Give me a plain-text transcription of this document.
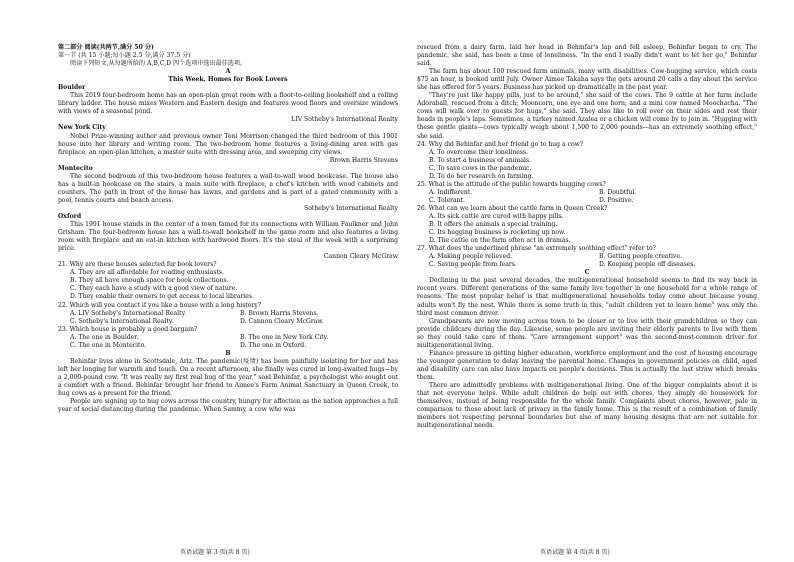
第二部分 阅读(共两节,满分 50 分)

第一节 (共 15 小题;每小题 2.5 分,满分 37.5 分)

阅读下列短文,从每题所给的 A,B,C,D 四个选项中选出最佳选项。

A

This Week, Homes for Book Lovers

Boulder

This 2019 four-bedroom home has an open-plan great room with a floor-to-ceiling bookshelf and a rolling library ladder. The house mixes Western and Eastern design and features wood floors and oversize windows with views of a seasonal pond.

LIV Sotheby's International Realty

New York City

Nobel Prize-winning author and previous owner Toni Morrison changed the third bedroom of this 1901 house into her library and writing room. The two-bedroom home features a living-dining area with gas fireplace, an open-plan kitchen, a master suite with dressing area, and sweeping city views.

Brown Harris Stevens

Montecito

The second bedroom of this two-bedroom house features a wall-to-wall wood bookcase. The house also has a built-in bookcase on the stairs, a main suite with fireplace, a chef's kitchen with wood cabinets and counters. The path in front of the house has lawns, and gardens and is part of a gated community with a pool, tennis courts and beach access.

Sotheby's International Realty

Oxford

This 1991 house stands in the center of a town famed for its connections with William Faulkner and John Grisham. The four-bedroom house has a wall-to-wall bookshelf in the game room and also features a living room with fireplace and an eat-in kitchen with hardwood floors. It's the steal of the week with a surprising price.

Cannon Cleary McGraw

21. Why are these houses selected for book lovers?

A. They are all affordable for reading enthusiasts.

B. They all have enough space for book collections.

C. They each have a study with a good view of nature.

D. They enable their owners to get access to local libraries.

22. Which will you contact if you like a house with a long history?

A. LIV Sotheby's International Realty.	B. Brown Harris Stevens.
C. Sotheby's International Realty.	D. Cannon Cleary McGraw.

23. Which house is probably a good bargain?

A. The one in Boulder.	B. The one in New York City.
C. The one in Montecito.	D. The one in Oxford.

B

Behinfar lives alone in Scottsdale, Ariz. The pandemic(疫情) has been painfully isolating for her and has left her longing for warmth and touch. On a recent afternoon, she finally was cured in long-awaited hugs—by a 2,000-pound cow. "It was really my first real hug of the year," said Behinfar, a psychologist who sought out a comfort with a friend. Behinfar brought her friend to Aimee's Farm Animal Sanctuary in Queen Creek, to hug cows as a present for the friend.

People are signing up to hug cows across the country, hungry for affection as the nation approaches a full year of social distancing during the pandemic. When Sammy, a cow who was

rescued from a dairy farm, laid her head in Behinfar's lap and fell asleep, Behinfar began to cry. The pandemic, she said, has been a time of loneliness. "In the end I really didn't want to let her go," Behinfar said.

The farm has about 100 rescued farm animals, many with disabilities. Cow-hugging service, which costs $75 an hour, is booked until July. Owner Aimee Takaha says the gets around 20 calls a day about the service she has offered for 5 years. Business has picked up dramatically in the past year.

"They're just like happy pills, just to be around," she said of the cows. The 9 cattle at her farm include Adoraball, rescued from a ditch; Mooncorn, one eye and one horn; and a mini cow named Moochacha. "The cows will walk over to guests for hugs," she said. They also like to roll over on their sides and rest their heads in people's laps. Sometimes, a turkey named Azalea or a chicken will come by to join in. "Hugging with these gentle giants—cows typically weigh about 1,500 to 2,000 pounds—has an extremely soothing effect," she said.

24. Why did Behinfar and her friend go to hug a cow?

A. To overcome their loneliness.

B. To start a business of animals.

C. To save cows in the pandemic.

D. To do her research on farming.

25. What is the attitude of the public towards hugging cows?

A. Indifferent.	B. Doubtful.
C. Tolerant.	D. Positive.

26. What can we learn about the cattle farm in Queen Creek?

A. Its sick cattle are cured with happy pills.

B. It offers the animals a special training.

C. Its hugging business is rocketing up now.

D. The cattle on the farm often act in dramas.

27. What does the underlined phrase "an extremely soothing effect" refer to?

A. Making people relieved.	B. Getting people creative.
C. Saving people from fears.	D. Keeping people off diseases.

C

Declining in the past several decades, the multigenerational household seems to find its way back in recent years. Different generations of the same family live together in one household for a whole range of reasons. The most popular belief is that multigenerational households today come about because young adults won't fly the nest. While there is some truth in this, "adult children yet to leave home" was only the third most common driver.

Grandparents are now moving across town to be closer or to live with their grandchildren so they can provide childcare during the day. Likewise, some people are inviting their elderly parents to live with them so they could take care of them. "Care arrangement support" was the second-most-common driver for multigenerational living.

Finance pressure in getting higher education, workforce employment and the cost of housing encourage the younger generation to delay leaving the parental home. Changes in government policies on child, aged and disability care can also have impacts on people's decisions. This is actually the last straw which breaks them.

There are admittedly problems with multigenerational living. One of the bigger complaints about it is that not everyone helps. While adult children do help out with chores, they simply do housework for themselves, instead of being responsible for the whole family. Complaints about chores, however, pale in comparison to those about lack of privacy in the family home. This is the result of a combination of family members not respecting personal boundaries but also of many housing designs that are not suitable for multigenerational needs.

英语试题 第 3 页(共 8 页)	英语试题 第 4 页(共 8 页)
